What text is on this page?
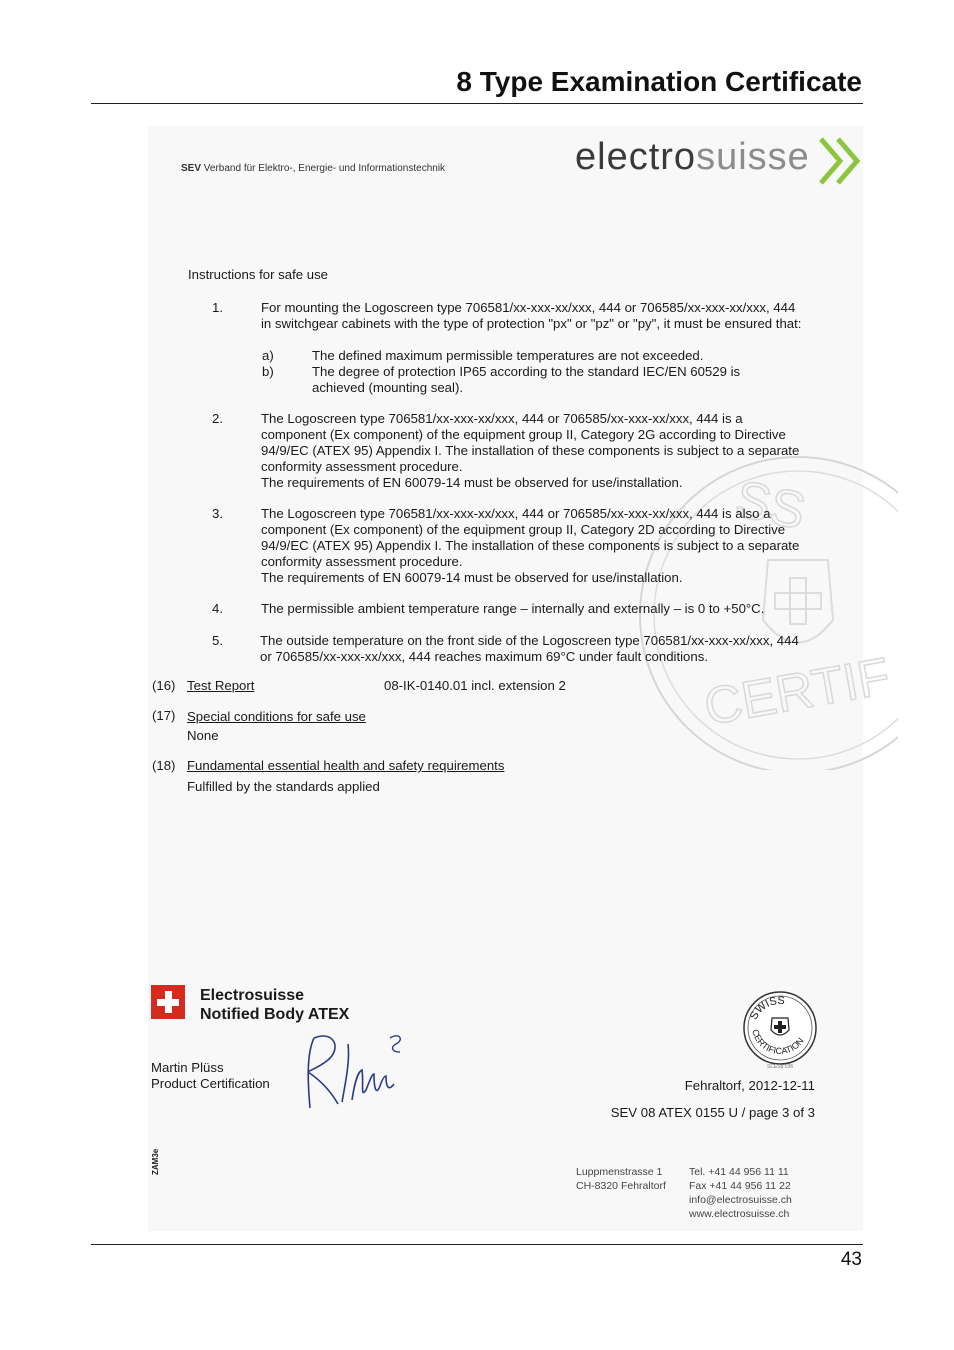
8 Type Examination Certificate
SEV Verband für Elektro-, Energie- und Informationstechnik	electrosuisse
SS
CERTIF
Instructions for safe use
1.	For mounting the Logoscreen type 706581/xx-xxx-xx/xxx, 444 or 706585/xx-xxx-xx/xxx, 444 in switchgear cabinets with the type of protection "px" or "pz" or "py", it must be ensured that:
a)	The defined maximum permissible temperatures are not exceeded.
b)	The degree of protection IP65 according to the standard IEC/EN 60529 is achieved (mounting seal).
2.	The Logoscreen type 706581/xx-xxx-xx/xxx, 444 or 706585/xx-xxx-xx/xxx, 444 is a component (Ex component) of the equipment group II, Category 2G according to Directive 94/9/EC (ATEX 95) Appendix I. The installation of these components is subject to a separate conformity assessment procedure.
The requirements of EN 60079-14 must be observed for use/installation.
3.	The Logoscreen type 706581/xx-xxx-xx/xxx, 444 or 706585/xx-xxx-xx/xxx, 444 is also a component (Ex component) of the equipment group II, Category 2D according to Directive 94/9/EC (ATEX 95) Appendix I. The installation of these components is subject to a separate conformity assessment procedure.
The requirements of EN 60079-14 must be observed for use/installation.
4.	The permissible ambient temperature range – internally and externally – is 0 to +50°C.
5.	The outside temperature on the front side of the Logoscreen type 706581/xx-xxx-xx/xxx, 444 or 706585/xx-xxx-xx/xxx, 444 reaches maximum 69°C under fault conditions.
(16) Test Report	08-IK-0140.01 incl. extension 2
(17) Special conditions for safe use
None
(18) Fundamental essential health and safety requirements
Fulfilled by the standards applied
Electrosuisse
Notified Body ATEX
Martin Plüss
Product Certification
SWISS
CERTIFICATION
SCESp 036
Fehraltorf, 2012-12-11
SEV 08 ATEX 0155 U / page 3 of 3
ZAM3e	Luppmenstrasse 1
CH-8320 Fehraltorf
Tel. +41 44 956 11 11
Fax +41 44 956 11 22
info@electrosuisse.ch
www.electrosuisse.ch
43
